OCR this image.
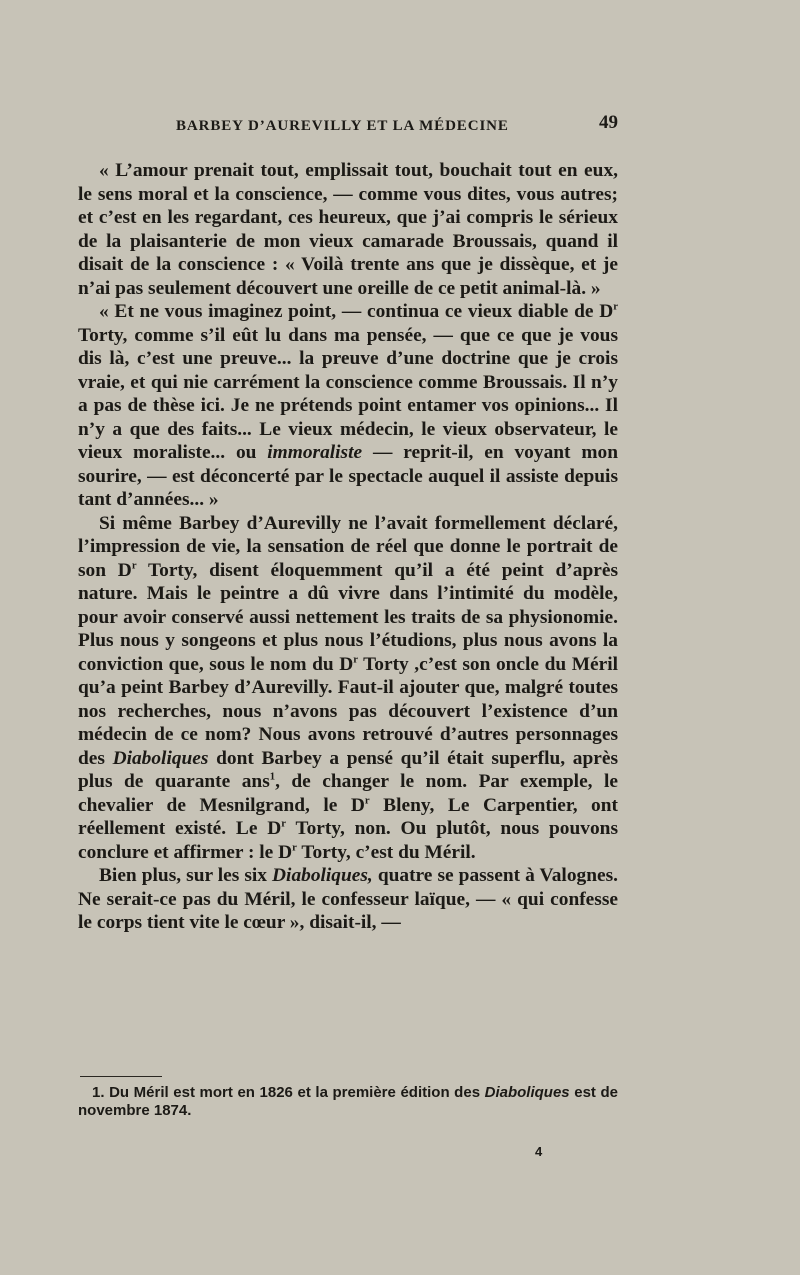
BARBEY D’AUREVILLY ET LA MÉDECINE	49

« L’amour prenait tout, emplissait tout, bouchait tout en eux, le sens moral et la conscience, — comme vous dites, vous autres; et c’est en les regardant, ces heureux, que j’ai compris le sérieux de la plaisanterie de mon vieux camarade Broussais, quand il disait de la conscience : « Voilà trente ans que je dissèque, et je n’ai pas seulement découvert une oreille de ce petit animal-là. »

« Et ne vous imaginez point, — continua ce vieux diable de $D^r$ Torty, comme s’il eût lu dans ma pensée, — que ce que je vous dis là, c’est une preuve... la preuve d’une doctrine que je crois vraie, et qui nie carrément la conscience comme Broussais. Il n’y a pas de thèse ici. Je ne prétends point entamer vos opinions... Il n’y a que des faits... Le vieux médecin, le vieux observateur, le vieux moraliste... ou immoraliste — reprit-il, en voyant mon sourire, — est déconcerté par le spectacle auquel il assiste depuis tant d’années... »

Si même Barbey d’Aurevilly ne l’avait formellement déclaré, l’impression de vie, la sensation de réel que donne le portrait de son $D^r$ Torty, disent éloquemment qu’il a été peint d’après nature. Mais le peintre a dû vivre dans l’intimité du modèle, pour avoir conservé aussi nettement les traits de sa physionomie. Plus nous y songeons et plus nous l’étudions, plus nous avons la conviction que, sous le nom du $D^r$ Torty ,c’est son oncle du Méril qu’a peint Barbey d’Aurevilly. Faut-il ajouter que, malgré toutes nos recherches, nous n’avons pas découvert l’existence d’un médecin de ce nom? Nous avons retrouvé d’autres personnages des Diaboliques dont Barbey a pensé qu’il était superflu, après plus de quarante ans$^1$, de changer le nom. Par exemple, le chevalier de Mesnilgrand, le $D^r$ Bleny, Le Carpentier, ont réellement existé. Le $D^r$ Torty, non. Ou plutôt, nous pouvons conclure et affirmer : le $D^r$ Torty, c’est du Méril.

Bien plus, sur les six Diaboliques, quatre se passent à Valognes. Ne serait-ce pas du Méril, le confesseur laïque, — « qui confesse le corps tient vite le cœur », disait-il, —

1. Du Méril est mort en 1826 et la première édition des Diaboliques est de novembre 1874.

4
